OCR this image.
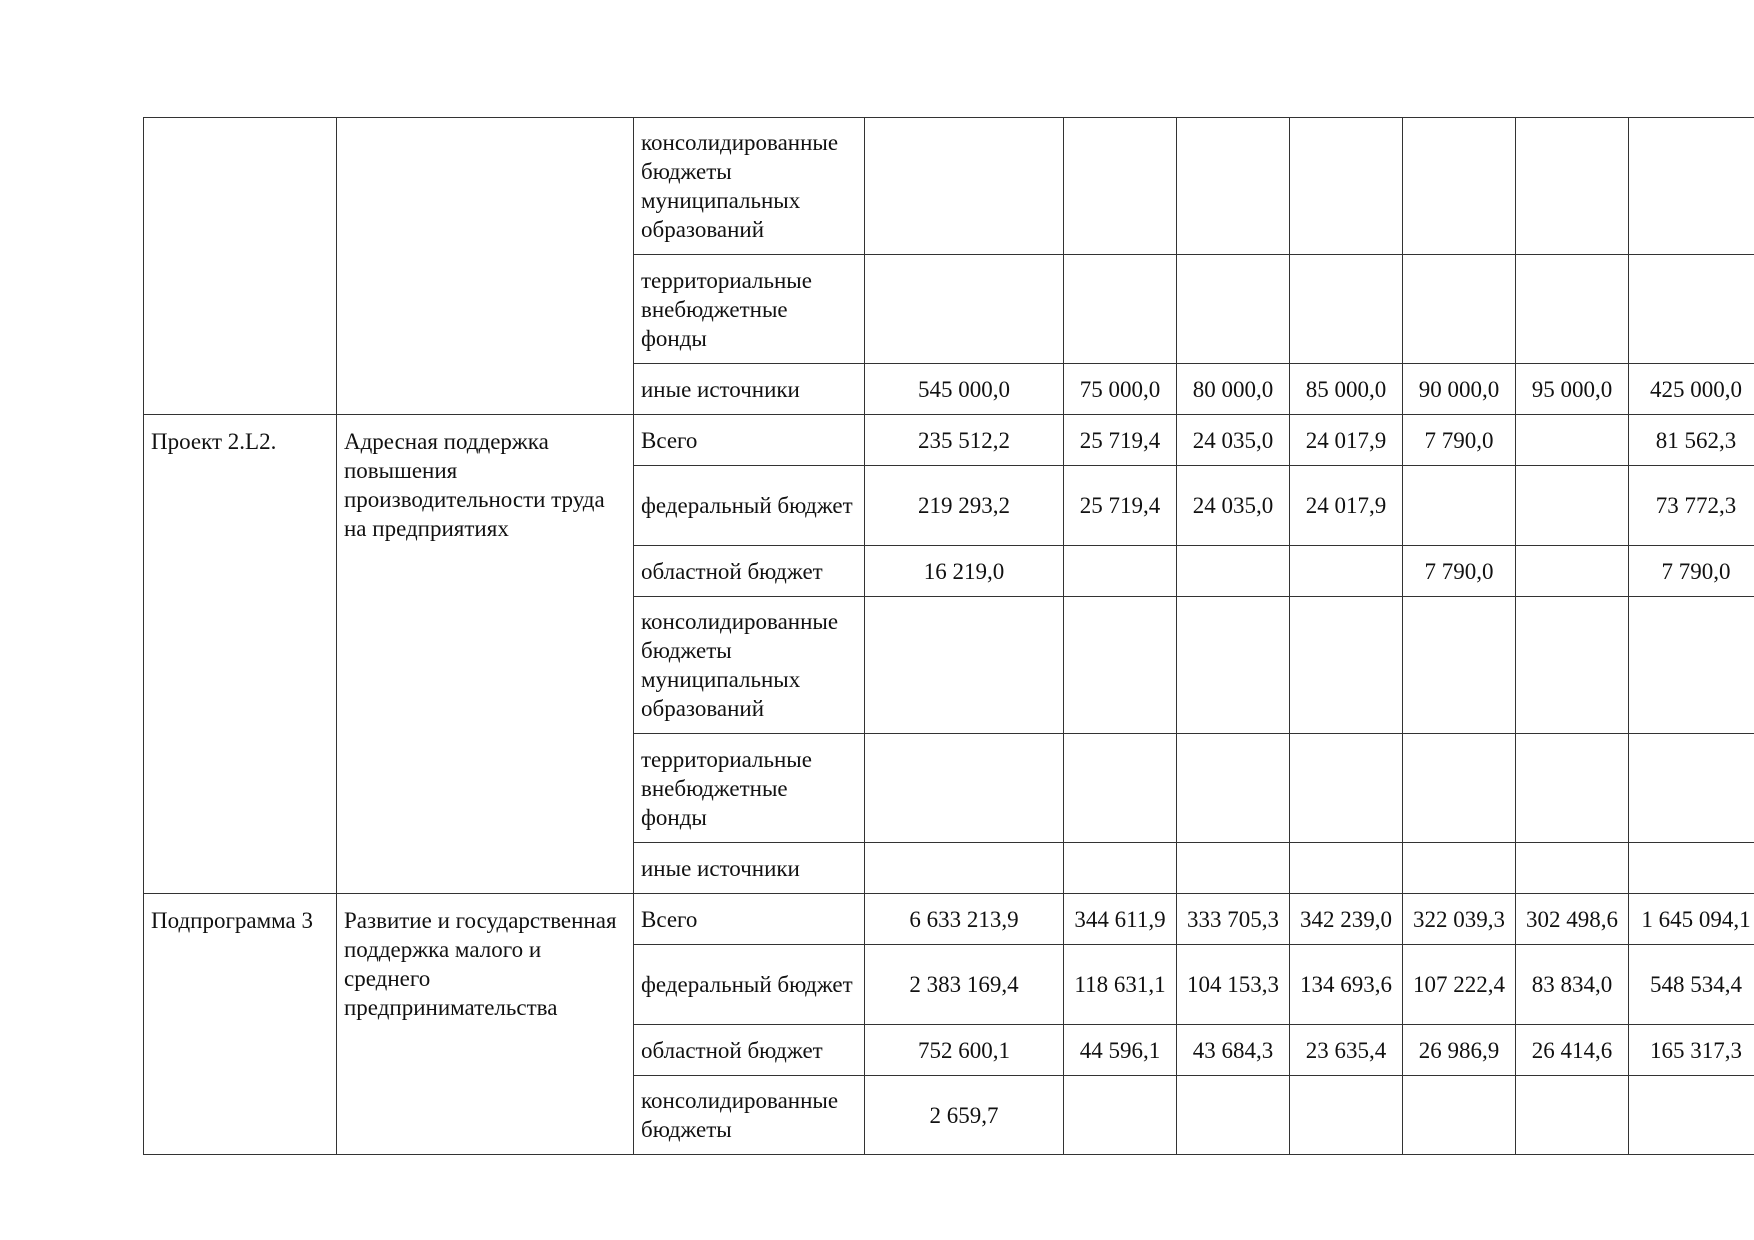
		консолидированные бюджеты муниципальных образований							
		территориальные внебюджетные фонды							
		иные источники	545 000,0	75 000,0	80 000,0	85 000,0	90 000,0	95 000,0	425 000,0
Проект 2.L2.	Адресная поддержка повышения производительности труда на предприятиях	Всего	235 512,2	25 719,4	24 035,0	24 017,9	7 790,0		81 562,3
		федеральный бюджет	219 293,2	25 719,4	24 035,0	24 017,9			73 772,3
		областной бюджет	16 219,0				7 790,0		7 790,0
		консолидированные бюджеты муниципальных образований							
		территориальные внебюджетные фонды							
		иные источники							
Подпрограмма 3	Развитие и государственная поддержка малого и среднего предпринимательства	Всего	6 633 213,9	344 611,9	333 705,3	342 239,0	322 039,3	302 498,6	1 645 094,1
		федеральный бюджет	2 383 169,4	118 631,1	104 153,3	134 693,6	107 222,4	83 834,0	548 534,4
		областной бюджет	752 600,1	44 596,1	43 684,3	23 635,4	26 986,9	26 414,6	165 317,3
		консолидированные бюджеты	2 659,7						
